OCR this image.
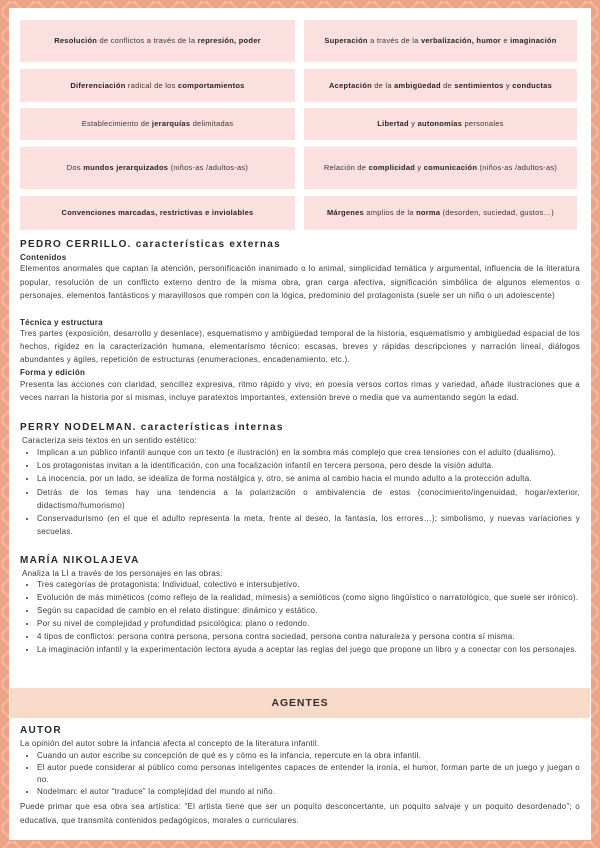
Resolución de conflictos a través de la represión, poder	Superación a través de la verbalización, humor e imaginación
Diferenciación radical de los comportamientos	Aceptación de la ambigüedad de sentimientos y conductas
Establecimiento de jerarquías delimitadas	Libertad y autonomías personales
Dos mundos jerarquizados (niños-as /adultos-as)	Relación de complicidad y comunicación (niños-as /adultos-as)
Convenciones marcadas, restrictivas e inviolables	Márgenes amplios de la norma (desorden, suciedad, gustos…)
PEDRO CERRILLO. características externas
Contenidos

Elementos anormales que captan la atención, personificación inanimado o lo animal, simplicidad temática y argumental, influencia de la literatura popular, resolución de un conflicto externo dentro de la misma obra, gran carga afectiva, significación simbólica de algunos elementos o personajes, elementos fantásticos y maravillosos que rompen con la lógica, predominio del protagonista (suele ser un niño o un adolescente)

Técnica y estructura

Tres partes (exposición, desarrollo y desenlace), esquematismo y ambigüedad temporal de la historia, esquematismo y ambigüedad espacial de los hechos, rigidez en la caracterización humana, elementarismo técnico: escasas, breves y rápidas descripciones y narración lineal, diálogos abundantes y ágiles, repetición de estructuras (enumeraciones, encadenamiento. etc.).

Forma y edición

Presenta las acciones con claridad, sencillez expresiva, ritmo rápido y vivo; en poesía versos cortos rimas y variedad, añade ilustraciones que a veces narran la historia por sí mismas, incluye paratextos importantes, extensión breve o media que va aumentando según la edad.

PERRY NODELMAN. características internas
Caracteriza seis textos en un sentido estético:
• Implican a un público infantil aunque con un texto (e ilustración) en la sombra más complejo que crea tensiones con el adulto (dualismo).
• Los protagonistas invitan a la identificación, con una focalización infantil en tercera persona, pero desde la visión adulta.
• La inocencia, por un lado, se idealiza de forma nostálgica y, otro, se anima al cambio hacia el mundo adulto a la protección adulta.
• Detrás de los temas hay una tendencia a la polarización o ambivalencia de estos (conocimiento/ingenuidad, hogar/exterior, didactismo/humorismo)
• Conservadurismo (en el que el adulto representa la meta, frente al deseo, la fantasía, los errores…); simbolismo, y nuevas variaciones y secuelas.
MARÍA NIKOLAJEVA
Analiza la LI a través de los personajes en las obras:
• Tres categorías de protagonista: Individual, colectivo e intersubjetivo.
• Evolución de más miméticos (como reflejo de la realidad, mímesis) a semióticos (como signo lingüístico o narratológico, que suele ser irónico).
• Según su capacidad de cambio en el relato distingue: dinámico y estático.
• Por su nivel de complejidad y profundidad psicológica: plano o redondo.
• 4 tipos de conflictos: persona contra persona, persona contra sociedad, persona contra naturaleza y persona contra sí misma.
• La imaginación infantil y la experimentación lectora ayuda a aceptar las reglas del juego que propone un libro y a conectar con los personajes.
AGENTES
AUTOR
La opinión del autor sobre la infancia afecta al concepto de la literatura infantil.
• Cuando un autor escribe su concepción de qué es y cómo es la infancia, repercute en la obra infantil.
• El autor puede considerar al público como personas inteligentes capaces de entender la ironía, el humor, forman parte de un juego y juegan o no.
• Nodelman: el autor “traduce” la complejidad del mundo al niño.

Puede primar que esa obra sea artística: “El artista tiene que ser un poquito desconcertante, un poquito salvaje y un poquito desordenado”; o educativa, que transmita contenidos pedagógicos, morales o curriculares.
